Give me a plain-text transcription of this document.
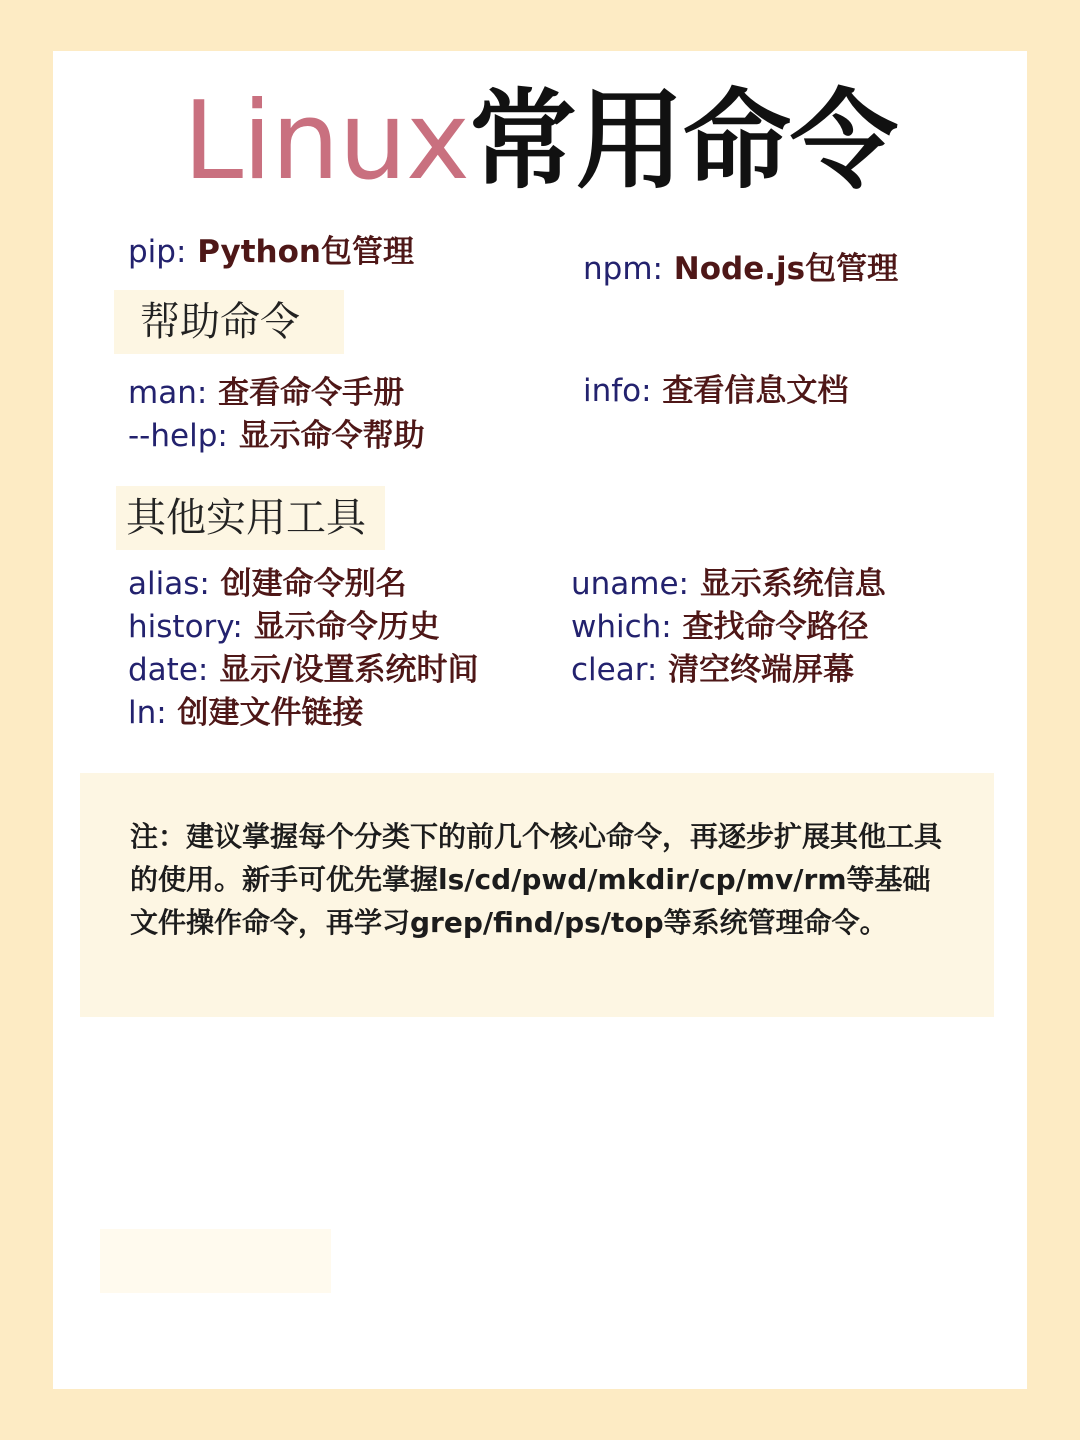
Linux常用命令
pip: Python包管理	npm: Node.js包管理
帮助命令
man: 查看命令手册
--help: 显示命令帮助
info: 查看信息文档
其他实用工具
alias: 创建命令别名
history: 显示命令历史
date: 显示/设置系统时间
ln: 创建文件链接
uname: 显示系统信息
which: 查找命令路径
clear: 清空终端屏幕
注：建议掌握每个分类下的前几个核心命令，再逐步扩展其他工具的使用。新手可优先掌握ls/cd/pwd/mkdir/cp/mv/rm等基础文件操作命令，再学习grep/find/ps/top等系统管理命令。
